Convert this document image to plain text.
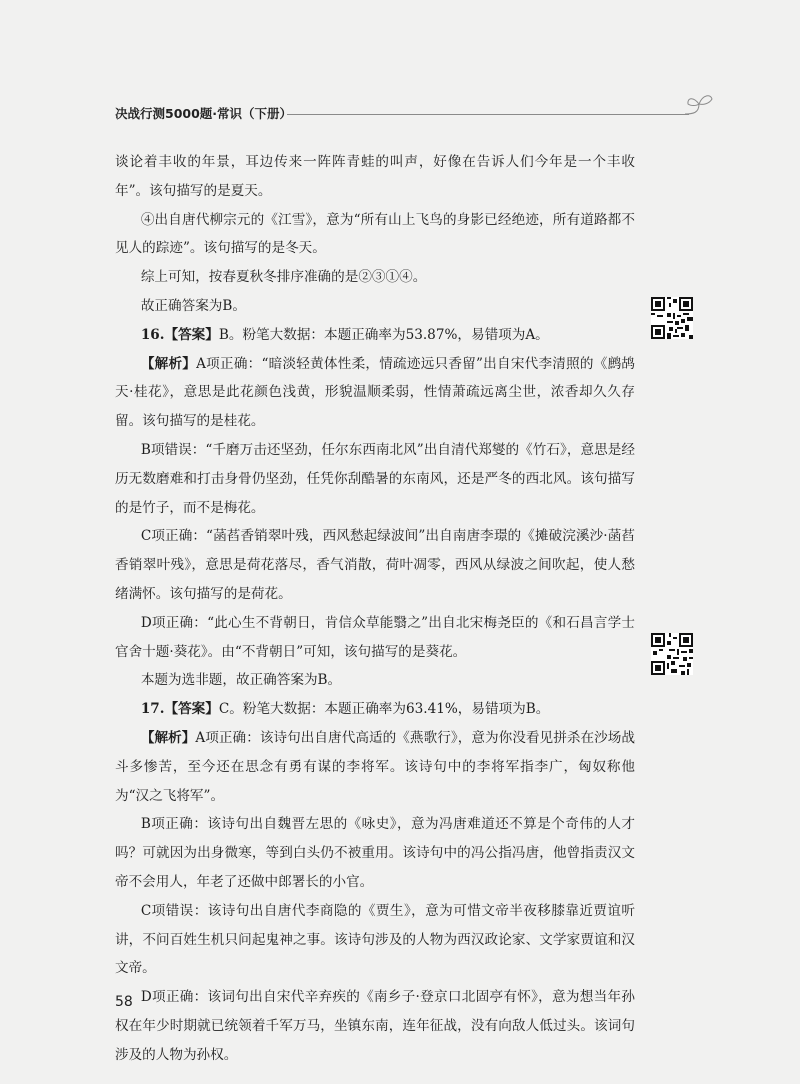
决战行测5000题·常识（下册）

谈论着丰收的年景，耳边传来一阵阵青蛙的叫声，好像在告诉人们今年是一个丰收年”。该句描写的是夏天。

④出自唐代柳宗元的《江雪》，意为“所有山上飞鸟的身影已经绝迹，所有道路都不见人的踪迹”。该句描写的是冬天。

综上可知，按春夏秋冬排序准确的是②③①④。

故正确答案为B。

16.【答案】B。粉笔大数据：本题正确率为53.87%，易错项为A。

【解析】A项正确：“暗淡轻黄体性柔，情疏迹远只香留”出自宋代李清照的《鹧鸪天·桂花》，意思是此花颜色浅黄，形貌温顺柔弱，性情萧疏远离尘世，浓香却久久存留。该句描写的是桂花。

B项错误：“千磨万击还坚劲，任尔东西南北风”出自清代郑燮的《竹石》，意思是经历无数磨难和打击身骨仍坚劲，任凭你刮酷暑的东南风，还是严冬的西北风。该句描写的是竹子，而不是梅花。

C项正确：“菡萏香销翠叶残，西风愁起绿波间”出自南唐李璟的《摊破浣溪沙·菡萏香销翠叶残》，意思是荷花落尽，香气消散，荷叶凋零，西风从绿波之间吹起，使人愁绪满怀。该句描写的是荷花。

D项正确：“此心生不背朝日，肯信众草能翳之”出自北宋梅尧臣的《和石昌言学士官舍十题·葵花》。由“不背朝日”可知，该句描写的是葵花。

本题为选非题，故正确答案为B。

17.【答案】C。粉笔大数据：本题正确率为63.41%，易错项为B。

【解析】A项正确：该诗句出自唐代高适的《燕歌行》，意为你没看见拼杀在沙场战斗多惨苦，至今还在思念有勇有谋的李将军。该诗句中的李将军指李广，匈奴称他为“汉之飞将军”。

B项正确：该诗句出自魏晋左思的《咏史》，意为冯唐难道还不算是个奇伟的人才吗？可就因为出身微寒，等到白头仍不被重用。该诗句中的冯公指冯唐，他曾指责汉文帝不会用人，年老了还做中郎署长的小官。

C项错误：该诗句出自唐代李商隐的《贾生》，意为可惜文帝半夜移膝靠近贾谊听讲，不问百姓生机只问起鬼神之事。该诗句涉及的人物为西汉政论家、文学家贾谊和汉文帝。

D项正确：该词句出自宋代辛弃疾的《南乡子·登京口北固亭有怀》，意为想当年孙权在年少时期就已统领着千军万马，坐镇东南，连年征战，没有向敌人低过头。该词句涉及的人物为孙权。

58
